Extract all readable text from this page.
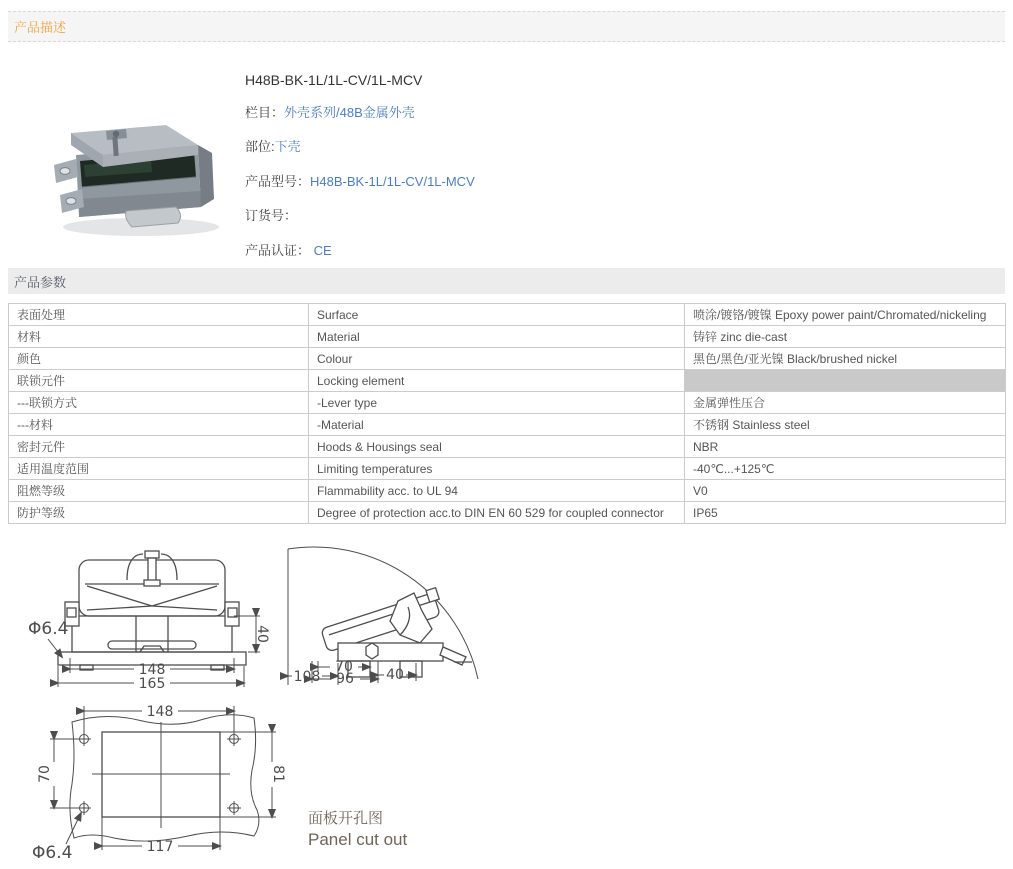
产品描述
H48B-BK-1L/1L-CV/1L-MCV
栏目：外壳系列/48B金属外壳
部位:下壳
产品型号：H48B-BK-1L/1L-CV/1L-MCV
订货号：
产品认证： CE
产品参数
表面处理	Surface	喷涂/镀铬/镀镍 Epoxy power paint/Chromated/nickeling
材料	Material	铸锌 zinc die-cast
颜色	Colour	黑色/黑色/亚光镍 Black/brushed nickel
联锁元件	Locking element	
---联锁方式	-Lever type	金属弹性压合
---材料	-Material	不锈钢 Stainless steel
密封元件	Hoods & Housings seal	NBR
适用温度范围	Limiting temperatures	-40℃...+125℃
阻燃等级	Flammability acc. to UL 94	V0
防护等级	Degree of protection acc.to DIN EN 60 529 for coupled connector	IP65
40
148
165
Φ6.4
108
70
96 40
148
70	81
117
Φ6.4
面板开孔图
Panel cut out
